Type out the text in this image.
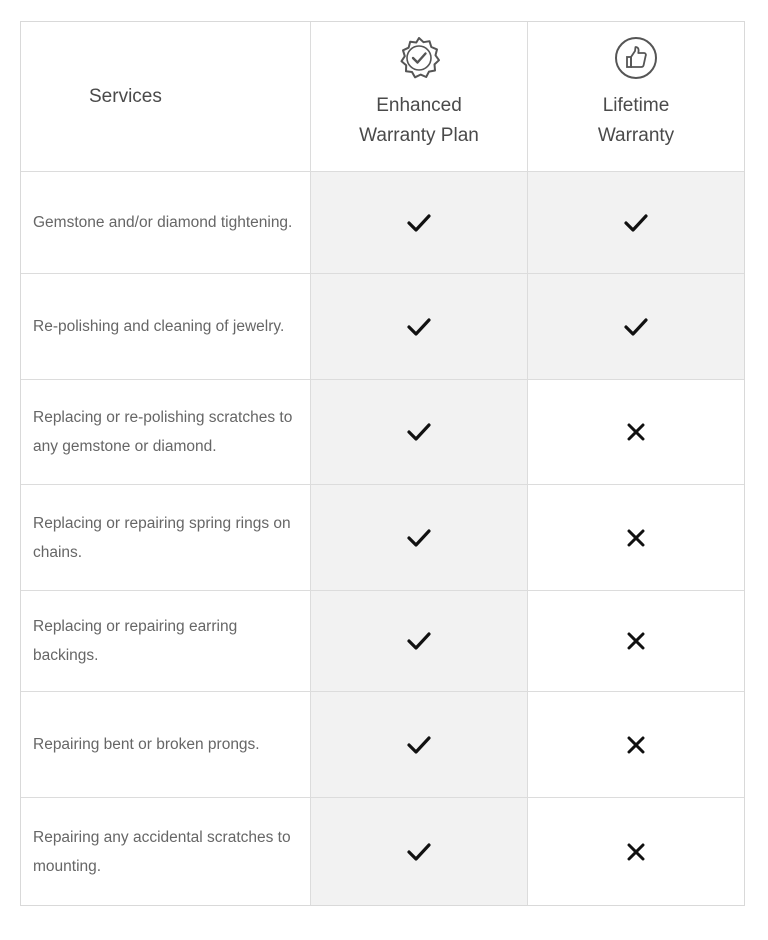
Services	Enhanced
Warranty Plan
Lifetime
Warranty
Gemstone and/or diamond tightening.
Re-polishing and cleaning of jewelry.
Replacing or re-polishing scratches to any gemstone or diamond.
Replacing or repairing spring rings on chains.
Replacing or repairing earring backings.
Repairing bent or broken prongs.
Repairing any accidental scratches to mounting.
